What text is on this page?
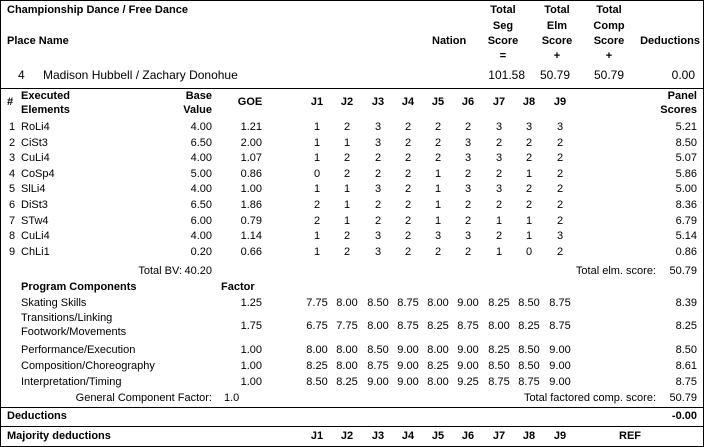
Championship Dance / Free Dance
Place Name	Nation
Total
Seg
Score
=
Total
Elm
Score
+
Total
Comp
Score
+
Deductions
4 Madison Hubbell / Zachary Donohue	101.58	50.79	50.79	0.00
# Executed
Elements
Base
Value
GOE	J1	J2	J3	J4	J5	J6	J7	J8	J9	Panel
Scores
1 RoLi4	4.00	1.21	1	2	3	2	2	2	3	3	3	5.21
2 CiSt3	6.50	2.00	1	1	3	2	2	3	2	2	2	8.50
3 CuLi4	4.00	1.07	1	2	2	2	2	3	3	2	2	5.07
4 CoSp4	5.00	0.86	0	2	2	2	1	2	2	1	2	5.86
5 SlLi4	4.00	1.00	1	1	3	2	1	3	3	2	2	5.00
6 DiSt3	6.50	1.86	2	1	2	2	1	2	2	2	2	8.36
7 STw4	6.00	0.79	2	1	2	2	1	2	1	1	2	6.79
8 CuLi4	4.00	1.14	1	2	3	2	3	3	2	1	3	5.14
9 ChLi1	0.20	0.66	1	2	3	2	2	2	1	0	2	0.86
Total BV: 40.20	Total elm. score:	50.79
Program Components	Factor
Skating Skills	1.25	7.75 8.00 8.50 8.75 8.00 9.00 8.25 8.50 8.75	8.39
Transitions/Linking
Footwork/Movements	1.75	6.75 7.75 8.00 8.75 8.25 8.75 8.00 8.25 8.75	8.25
Performance/Execution	1.00	8.00 8.00 8.50 9.00 8.00 9.00 8.25 8.50 9.00	8.50
Composition/Choreography	1.00	8.25 8.00 8.75 9.00 8.25 9.00 8.50 8.50 9.00	8.61
Interpretation/Timing	1.00	8.50 8.25 9.00 9.00 8.00 9.25 8.75 8.75 9.00	8.75
General Component Factor: 1.0	Total factored comp. score:	50.79
Deductions	-0.00
Majority deductions	J1	J2	J3	J4	J5	J6	J7	J8	J9	REF
